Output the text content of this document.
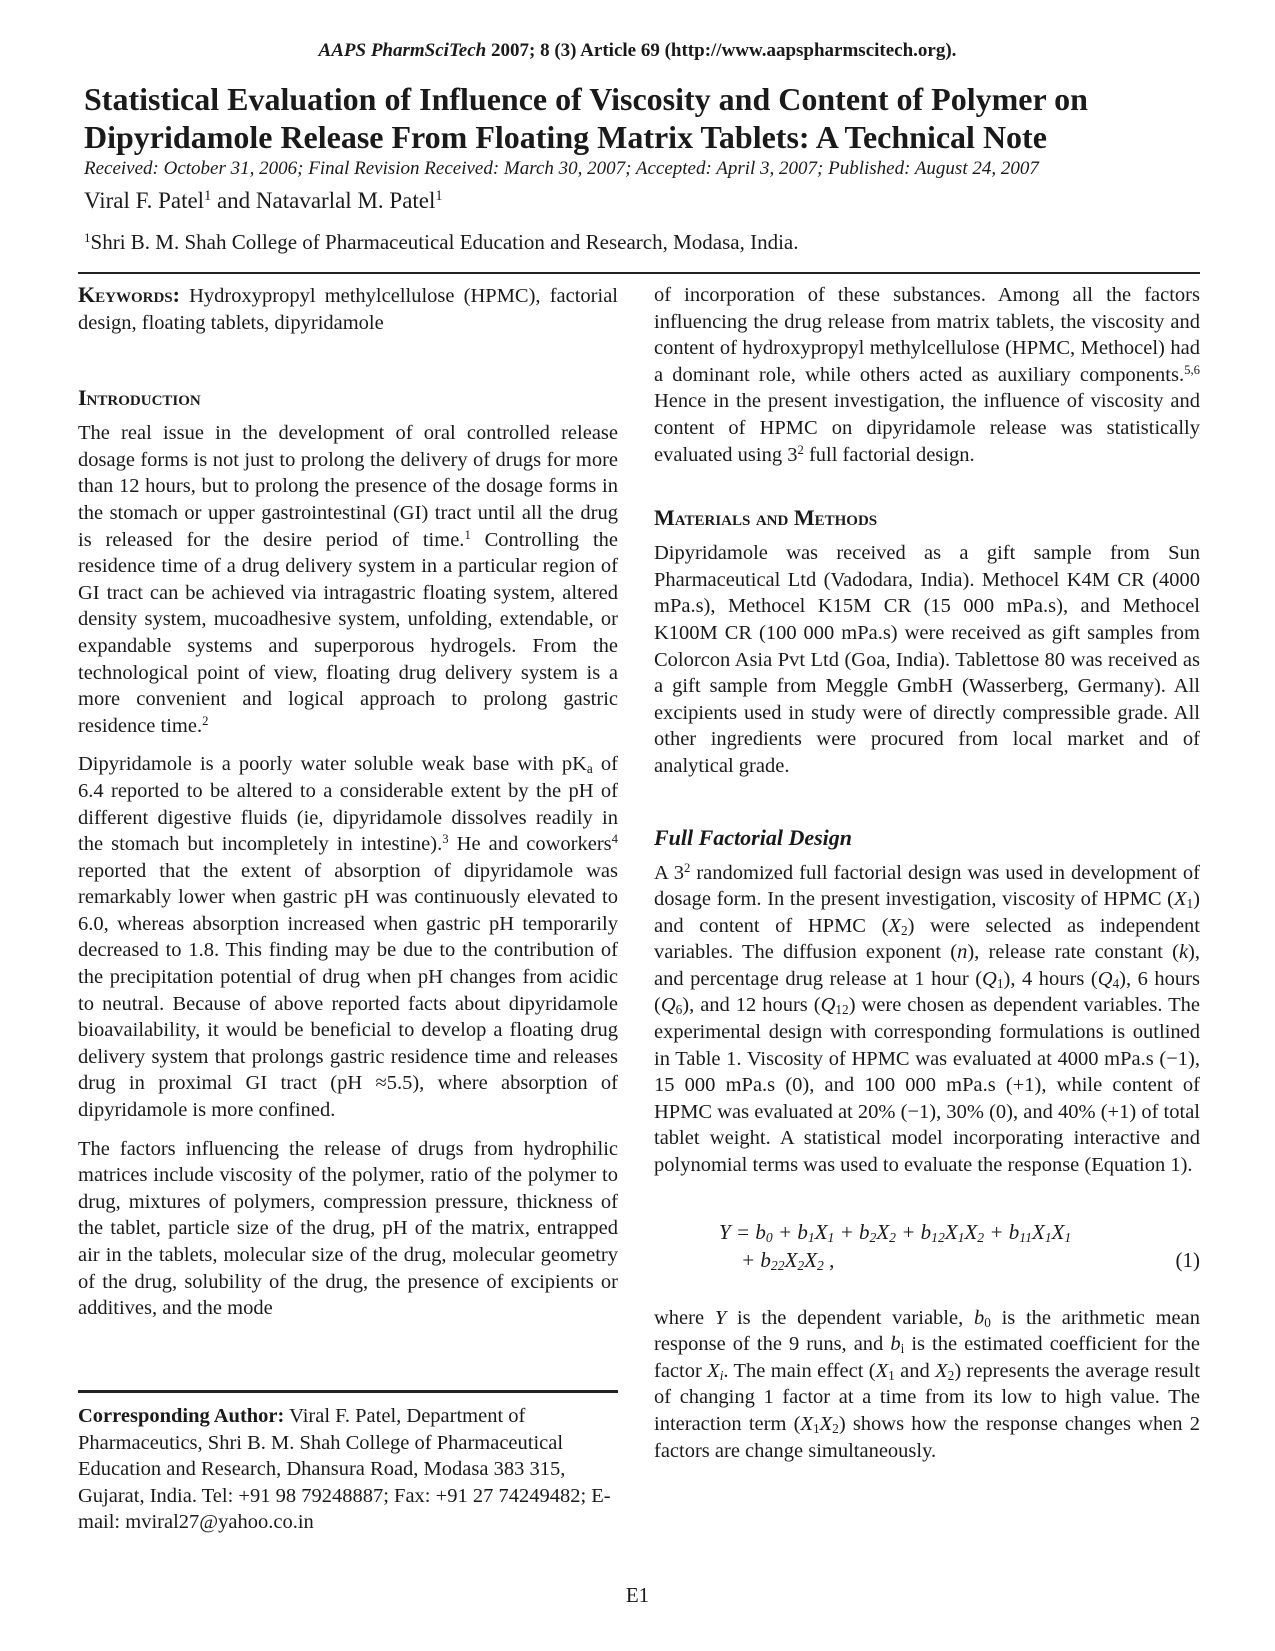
AAPS PharmSciTech 2007; 8 (3) Article 69 (http://www.aapspharmscitech.org).
Statistical Evaluation of Influence of Viscosity and Content of Polymer on Dipyridamole Release From Floating Matrix Tablets: A Technical Note
Received: October 31, 2006; Final Revision Received: March 30, 2007; Accepted: April 3, 2007; Published: August 24, 2007
Viral F. Patel$^1$ and Natavarlal M. Patel$^1$
$^1$Shri B. M. Shah College of Pharmaceutical Education and Research, Modasa, India.

Keywords: Hydroxypropyl methylcellulose (HPMC), factorial design, floating tablets, dipyridamole

Introduction

The real issue in the development of oral controlled release dosage forms is not just to prolong the delivery of drugs for more than 12 hours, but to prolong the presence of the dosage forms in the stomach or upper gastrointestinal (GI) tract until all the drug is released for the desire period of time.$^1$ Controlling the residence time of a drug delivery system in a particular region of GI tract can be achieved via intragastric floating system, altered density system, mucoadhesive system, unfolding, extendable, or expandable systems and superporous hydrogels. From the technological point of view, floating drug delivery system is a more convenient and logical approach to prolong gastric residence time.$^2$

Dipyridamole is a poorly water soluble weak base with $pK_a$ of 6.4 reported to be altered to a considerable extent by the pH of different digestive fluids (ie, dipyridamole dissolves readily in the stomach but incompletely in intestine).$^3$ He and coworkers$^4$ reported that the extent of absorption of dipyridamole was remarkably lower when gastric pH was continuously elevated to 6.0, whereas absorption increased when gastric pH temporarily decreased to 1.8. This finding may be due to the contribution of the precipitation potential of drug when pH changes from acidic to neutral. Because of above reported facts about dipyridamole bioavailability, it would be beneficial to develop a floating drug delivery system that prolongs gastric residence time and releases drug in proximal GI tract (pH ≈5.5), where absorption of dipyridamole is more confined.

The factors influencing the release of drugs from hydrophilic matrices include viscosity of the polymer, ratio of the polymer to drug, mixtures of polymers, compression pressure, thickness of the tablet, particle size of the drug, pH of the matrix, entrapped air in the tablets, molecular size of the drug, molecular geometry of the drug, solubility of the drug, the presence of excipients or additives, and the mode

Corresponding Author: Viral F. Patel, Department of Pharmaceutics, Shri B. M. Shah College of Pharmaceutical Education and Research, Dhansura Road, Modasa 383 315, Gujarat, India. Tel: +91 98 79248887; Fax: +91 27 74249482; E-mail: mviral27@yahoo.co.in

of incorporation of these substances. Among all the factors influencing the drug release from matrix tablets, the viscosity and content of hydroxypropyl methylcellulose (HPMC, Methocel) had a dominant role, while others acted as auxiliary components.$^{5,6}$ Hence in the present investigation, the influence of viscosity and content of HPMC on dipyridamole release was statistically evaluated using $3^2$ full factorial design.

Materials and Methods

Dipyridamole was received as a gift sample from Sun Pharmaceutical Ltd (Vadodara, India). Methocel K4M CR (4000 mPa.s), Methocel K15M CR (15 000 mPa.s), and Methocel K100M CR (100 000 mPa.s) were received as gift samples from Colorcon Asia Pvt Ltd (Goa, India). Tablettose 80 was received as a gift sample from Meggle GmbH (Wasserberg, Germany). All excipients used in study were of directly compressible grade. All other ingredients were procured from local market and of analytical grade.

Full Factorial Design

A $3^2$ randomized full factorial design was used in development of dosage form. In the present investigation, viscosity of HPMC $(X_1)$ and content of HPMC $(X_2)$ were selected as independent variables. The diffusion exponent (n), release rate constant (k), and percentage drug release at 1 hour $(Q_1)$, 4 hours $(Q_4)$, 6 hours $(Q_6)$, and 12 hours $(Q_{12})$ were chosen as dependent variables. The experimental design with corresponding formulations is outlined in Table 1. Viscosity of HPMC was evaluated at 4000 mPa.s (−1), 15 000 mPa.s (0), and 100 000 mPa.s (+1), while content of HPMC was evaluated at 20% (−1), 30% (0), and 40% (+1) of total tablet weight. A statistical model incorporating interactive and polynomial terms was used to evaluate the response (Equation 1).

$Y = b_0 + b_1X_1 + b_2X_2 + b_{12}X_1X_2 + b_{11}X_1X_1$
+ $b_{22}X_2X_2$ ,	(1)

where Y is the dependent variable, $b_0$ is the arithmetic mean response of the 9 runs, and $b_i$ is the estimated coefficient for the factor $X_i$. The main effect ($X_1$ and $X_2$) represents the average result of changing 1 factor at a time from its low to high value. The interaction term $(X_1X_2)$ shows how the response changes when 2 factors are change simultaneously.

E1
